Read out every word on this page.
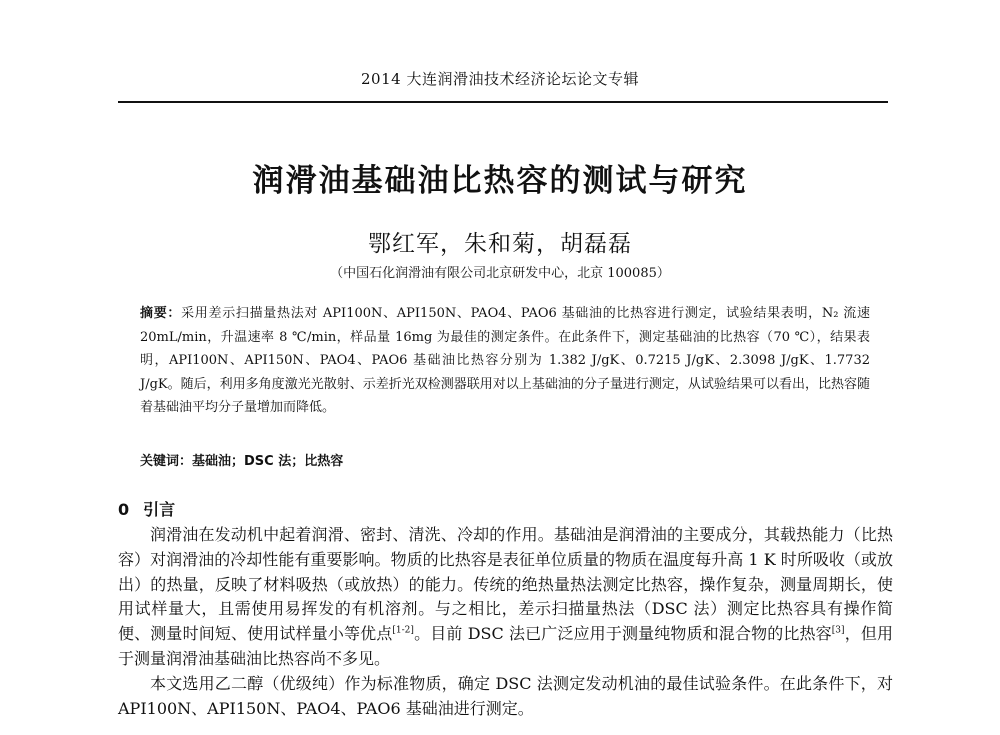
2014 大连润滑油技术经济论坛论文专辑
润滑油基础油比热容的测试与研究
鄂红军，朱和菊，胡磊磊
（中国石化润滑油有限公司北京研发中心，北京 100085）
摘要：采用差示扫描量热法对 API100N、API150N、PAO4、PAO6 基础油的比热容进行测定，试验结果表明，N₂ 流速 20mL/min，升温速率 8 ℃/min，样品量 16mg 为最佳的测定条件。在此条件下，测定基础油的比热容（70 ℃），结果表明，API100N、API150N、PAO4、PAO6 基础油比热容分别为 1.382 J/gK、0.7215 J/gK、2.3098 J/gK、1.7732 J/gK。随后，利用多角度激光光散射、示差折光双检测器联用对以上基础油的分子量进行测定，从试验结果可以看出，比热容随着基础油平均分子量增加而降低。
关键词：基础油；DSC 法；比热容
0 引言

润滑油在发动机中起着润滑、密封、清洗、冷却的作用。基础油是润滑油的主要成分，其载热能力（比热容）对润滑油的冷却性能有重要影响。物质的比热容是表征单位质量的物质在温度每升高 1 K 时所吸收（或放出）的热量，反映了材料吸热（或放热）的能力。传统的绝热量热法测定比热容，操作复杂，测量周期长，使用试样量大，且需使用易挥发的有机溶剂。与之相比，差示扫描量热法（DSC 法）测定比热容具有操作简便、测量时间短、使用试样量小等优点[1-2]。目前 DSC 法已广泛应用于测量纯物质和混合物的比热容[3]，但用于测量润滑油基础油比热容尚不多见。

本文选用乙二醇（优级纯）作为标准物质，确定 DSC 法测定发动机油的最佳试验条件。在此条件下，对 API100N、API150N、PAO4、PAO6 基础油进行测定。
